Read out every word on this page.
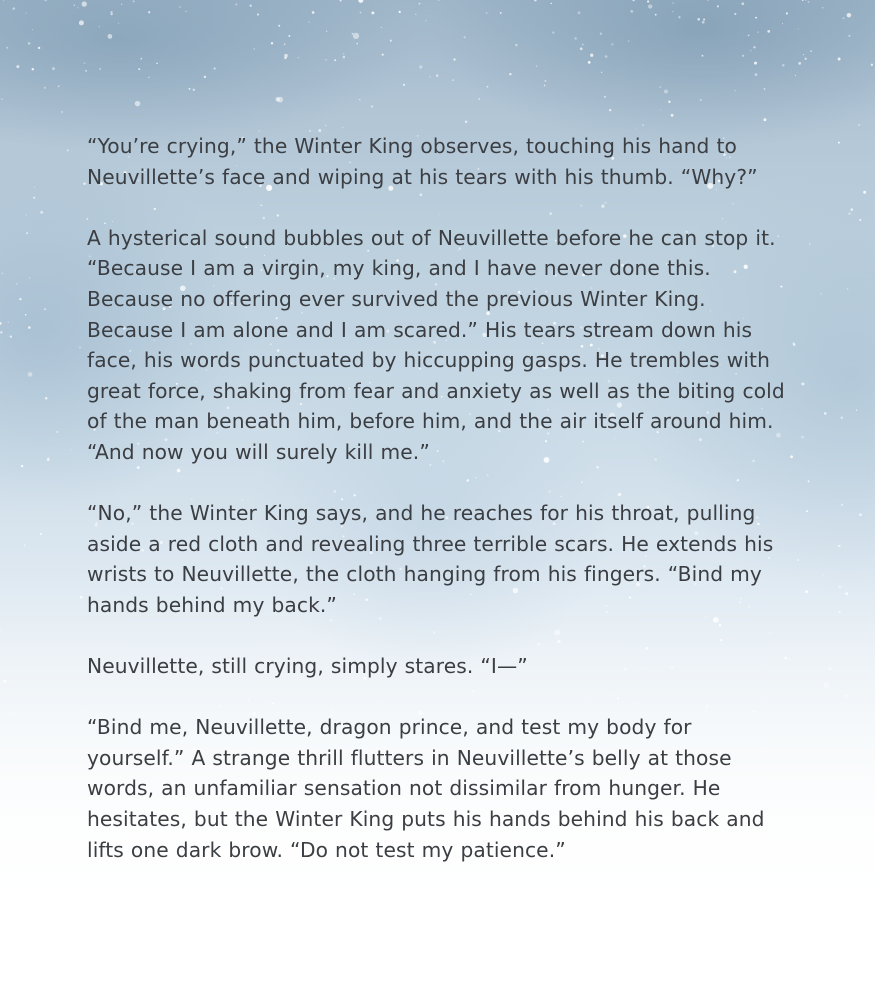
“You’re crying,” the Winter King observes, touching his hand to Neuvillette’s face and wiping at his tears with his thumb. “Why?”

A hysterical sound bubbles out of Neuvillette before he can stop it. “Because I am a virgin, my king, and I have never done this. Because no offering ever survived the previous Winter King. Because I am alone and I am scared.” His tears stream down his face, his words punctuated by hiccupping gasps. He trembles with great force, shaking from fear and anxiety as well as the biting cold of the man beneath him, before him, and the air itself around him. “And now you will surely kill me.”

“No,” the Winter King says, and he reaches for his throat, pulling aside a red cloth and revealing three terrible scars. He extends his wrists to Neuvillette, the cloth hanging from his fingers. “Bind my hands behind my back.”

Neuvillette, still crying, simply stares. “I—”

“Bind me, Neuvillette, dragon prince, and test my body for yourself.” A strange thrill flutters in Neuvillette’s belly at those words, an unfamiliar sensation not dissimilar from hunger. He hesitates, but the Winter King puts his hands behind his back and lifts one dark brow. “Do not test my patience.”
